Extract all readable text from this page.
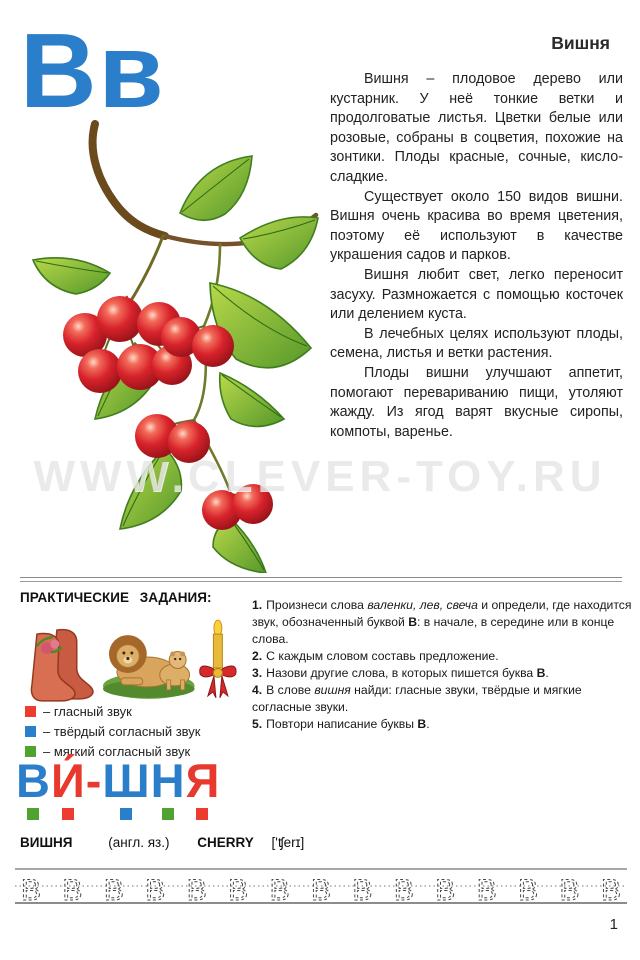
Вв	Вишня
WWW.CLEVER-TOY.RU

Вишня – плодовое дерево или кустарник. У неё тонкие ветки и продолговатые листья. Цветки белые или розовые, собраны в соцветия, похожие на зонтики. Плоды красные, сочные, кисло-сладкие.

Существует около 150 видов вишни. Вишня очень красива во время цветения, поэтому её используют в качестве украшения садов и парков.

Вишня любит свет, легко переносит засуху. Размножается с помощью косточек или делением куста.

В лечебных целях используют плоды, семена, листья и ветки растения.

Плоды вишни улучшают аппетит, помогают перевариванию пищи, утоляют жажду. Из ягод варят вкусные сиропы, компоты, варенье.

ПРАКТИЧЕСКИЕ ЗАДАНИЯ:
– гласный звук
– твёрдый согласный звук
– мягкий согласный звук
В И́ - Ш Н Я

1. Произнеси слова валенки, лев, свеча и определи, где находится звук, обозначенный буквой В: в начале, в середине или в конце слова.

2. С каждым словом составь предложение.

3. Назови другие слова, в которых пишется буква В.

4. В слове вишня найди: гласные звуки, твёрдые и мягкие согласные звуки.

5. Повтори написание буквы В.

ВИШНЯ	(англ. яз.) CHERRY ['ʧerɪ]
В В В В В В В В В В В В В В В
1
